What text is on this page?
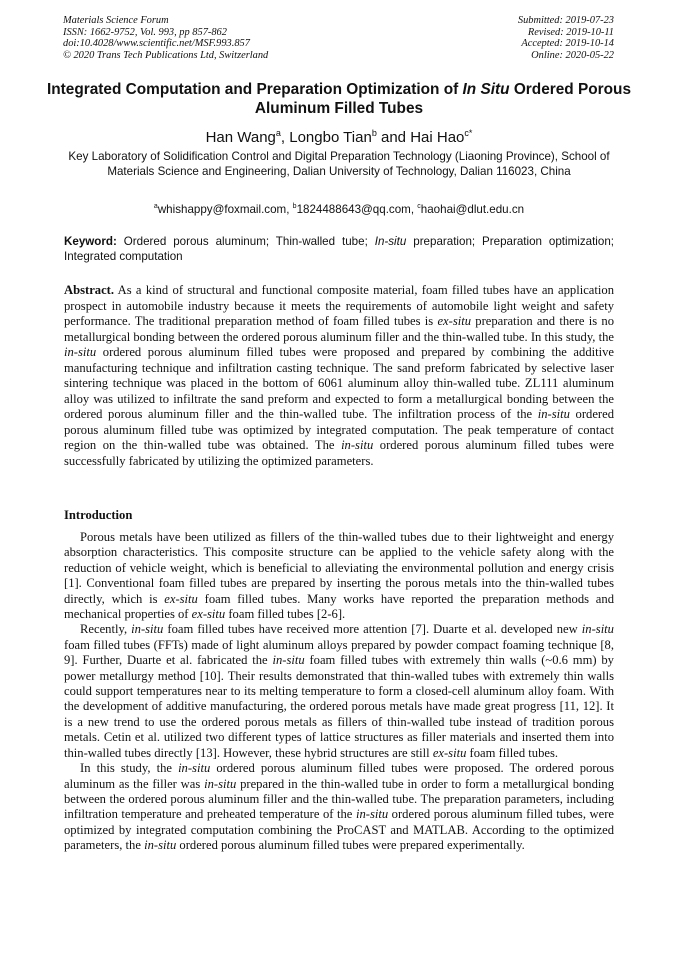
Materials Science Forum
ISSN: 1662-9752, Vol. 993, pp 857-862
doi:10.4028/www.scientific.net/MSF.993.857
© 2020 Trans Tech Publications Ltd, Switzerland
Submitted: 2019-07-23
Revised: 2019-10-11
Accepted: 2019-10-14
Online: 2020-05-22
Integrated Computation and Preparation Optimization of In Situ Ordered Porous Aluminum Filled Tubes
Han Wang$^a$, Longbo Tian$^b$ and Hai Hao$^{c*}$
Key Laboratory of Solidification Control and Digital Preparation Technology (Liaoning Province), School of Materials Science and Engineering, Dalian University of Technology, Dalian 116023, China
$^a$whishappy@foxmail.com, $^b$1824488643@qq.com, $^c$haohai@dlut.edu.cn
Keyword: Ordered porous aluminum; Thin-walled tube; In-situ preparation; Preparation optimization; Integrated computation
Abstract. As a kind of structural and functional composite material, foam filled tubes have an application prospect in automobile industry because it meets the requirements of automobile light weight and safety performance. The traditional preparation method of foam filled tubes is ex-situ preparation and there is no metallurgical bonding between the ordered porous aluminum filler and the thin-walled tube. In this study, the in-situ ordered porous aluminum filled tubes were proposed and prepared by combining the additive manufacturing technique and infiltration casting technique. The sand preform fabricated by selective laser sintering technique was placed in the bottom of 6061 aluminum alloy thin-walled tube. ZL111 aluminum alloy was utilized to infiltrate the sand preform and expected to form a metallurgical bonding between the ordered porous aluminum filler and the thin-walled tube. The infiltration process of the in-situ ordered porous aluminum filled tube was optimized by integrated computation. The peak temperature of contact region on the thin-walled tube was obtained. The in-situ ordered porous aluminum filled tubes were successfully fabricated by utilizing the optimized parameters.
Introduction

Porous metals have been utilized as fillers of the thin-walled tubes due to their lightweight and energy absorption characteristics. This composite structure can be applied to the vehicle safety along with the reduction of vehicle weight, which is beneficial to alleviating the environmental pollution and energy crisis [1]. Conventional foam filled tubes are prepared by inserting the porous metals into the thin-walled tubes directly, which is ex-situ foam filled tubes. Many works have reported the preparation methods and mechanical properties of ex-situ foam filled tubes [2-6].

Recently, in-situ foam filled tubes have received more attention [7]. Duarte et al. developed new in-situ foam filled tubes (FFTs) made of light aluminum alloys prepared by powder compact foaming technique [8, 9]. Further, Duarte et al. fabricated the in-situ foam filled tubes with extremely thin walls (~0.6 mm) by power metallurgy method [10]. Their results demonstrated that thin-walled tubes with extremely thin walls could support temperatures near to its melting temperature to form a closed-cell aluminum alloy foam. With the development of additive manufacturing, the ordered porous metals have made great progress [11, 12]. It is a new trend to use the ordered porous metals as fillers of thin-walled tube instead of tradition porous metals. Cetin et al. utilized two different types of lattice structures as filler materials and inserted them into thin-walled tubes directly [13]. However, these hybrid structures are still ex-situ foam filled tubes.

In this study, the in-situ ordered porous aluminum filled tubes were proposed. The ordered porous aluminum as the filler was in-situ prepared in the thin-walled tube in order to form a metallurgical bonding between the ordered porous aluminum filler and the thin-walled tube. The preparation parameters, including infiltration temperature and preheated temperature of the in-situ ordered porous aluminum filled tubes, were optimized by integrated computation combining the ProCAST and MATLAB. According to the optimized parameters, the in-situ ordered porous aluminum filled tubes were prepared experimentally.
